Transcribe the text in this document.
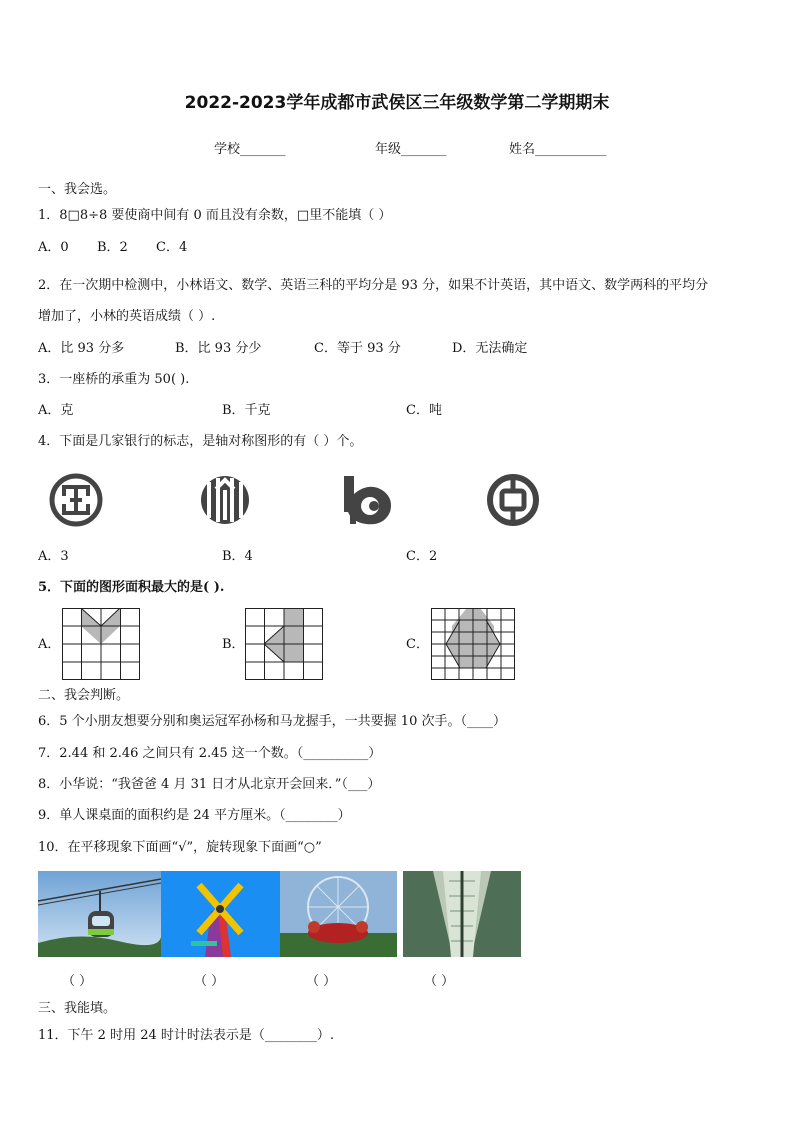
2022-2023学年成都市武侯区三年级数学第二学期期末
学校_______	年级_______	姓名___________
一、我会选。
1．8□8÷8 要使商中间有 0 而且没有余数，□里不能填（ ）
A．0 B．2 C．4
2．在一次期中检测中，小林语文、数学、英语三科的平均分是 93 分，如果不计英语，其中语文、数学两科的平均分
增加了，小林的英语成绩（ ）.
A．比 93 分多	B．比 93 分少	C．等于 93 分	D．无法确定
3．一座桥的承重为 50( ).
A．克	B．千克	C．吨
4．下面是几家银行的标志，是轴对称图形的有（ ）个。
A．3	B．4	C．2
5．下面的图形面积最大的是( ).
A．	B．	C．
二、我会判断。
6．5 个小朋友想要分别和奥运冠军孙杨和马龙握手，一共要握 10 次手。（____）
7．2.44 和 2.46 之间只有 2.45 这一个数。（__________）
8．小华说：“我爸爸 4 月 31 日才从北京开会回来．”（___）
9．单人课桌面的面积约是 24 平方厘米。（________）
10．在平移现象下面画“√”，旋转现象下面画“○”
（ ）	（ ）	（ ）	（ ）
三、我能填。
11．下午 2 时用 24 时计时法表示是（________）.
